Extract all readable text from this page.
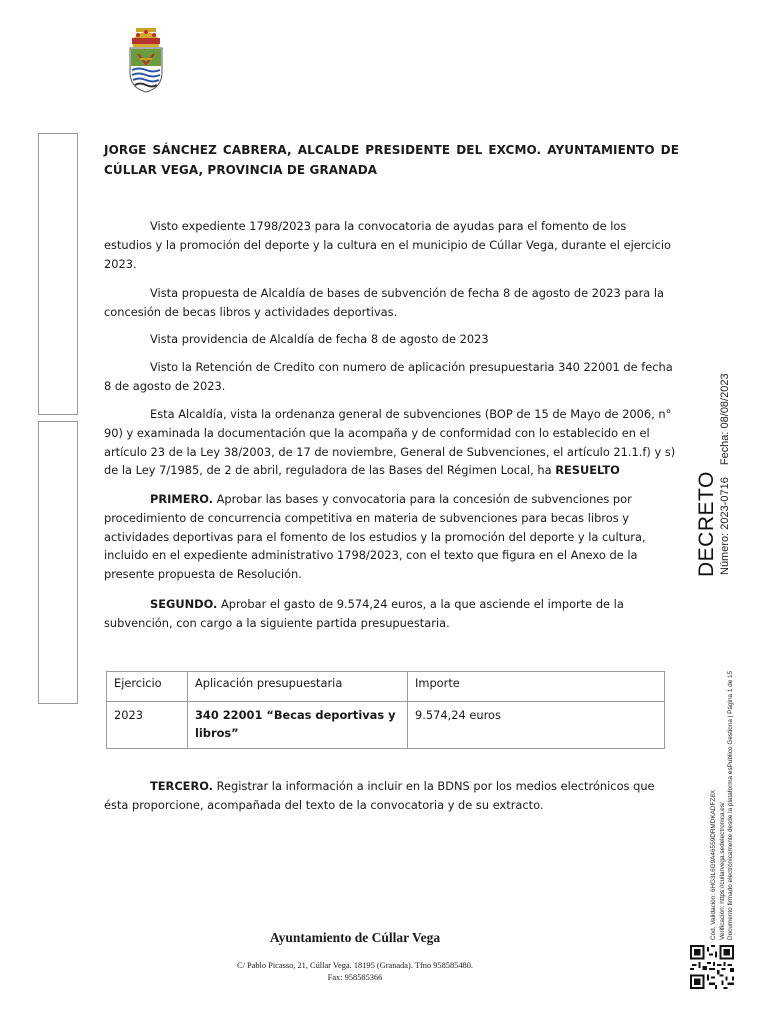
JORGE SÁNCHEZ CABRERA, ALCALDE PRESIDENTE DEL EXCMO. AYUNTAMIENTO DE CÚLLAR VEGA, PROVINCIA DE GRANADA

Visto expediente 1798/2023 para la convocatoria de ayudas para el fomento de los estudios y la promoción del deporte y la cultura en el municipio de Cúllar Vega, durante el ejercicio 2023.

Vista propuesta de Alcaldía de bases de subvención de fecha 8 de agosto de 2023 para la concesión de becas libros y actividades deportivas.

Vista providencia de Alcaldía de fecha 8 de agosto de 2023

Visto la Retención de Credito con numero de aplicación presupuestaria 340 22001 de fecha 8 de agosto de 2023.

Esta Alcaldía, vista la ordenanza general de subvenciones (BOP de 15 de Mayo de 2006, n° 90) y examinada la documentación que la acompaña y de conformidad con lo establecido en el artículo 23 de la Ley 38/2003, de 17 de noviembre, General de Subvenciones, el artículo 21.1.f) y s) de la Ley 7/1985, de 2 de abril, reguladora de las Bases del Régimen Local, ha RESUELTO

PRIMERO. Aprobar las bases y convocatoria para la concesión de subvenciones por procedimiento de concurrencia competitiva en materia de subvenciones para becas libros y actividades deportivas para el fomento de los estudios y la promoción del deporte y la cultura, incluido en el expediente administrativo 1798/2023, con el texto que figura en el Anexo de la presente propuesta de Resolución.

SEGUNDO. Aprobar el gasto de 9.574,24 euros, a la que asciende el importe de la subvención, con cargo a la siguiente partida presupuestaria.

Ejercicio	Aplicación presupuestaria	Importe
2023	340 22001 “Becas deportivas y libros”	9.574,24 euros

TERCERO. Registrar la información a incluir en la BDNS por los medios electrónicos que ésta proporcione, acompañada del texto de la convocatoria y de su extracto.

Ayuntamiento de Cúllar Vega
C/ Pablo Picasso, 21, Cúllar Vega. 18195 (Granada). Tfno 958585480.
Fax: 958585366
DECRETO Número: 2023-0716Fecha: 08/08/2023
Cód. Validación: 6HG3L6G9A46559DRMDKADFZ8X Verificación: https://cullarvega.sedelectronica.es/ Documento firmado electrónicamente desde la plataforma esPublico Gestiona | Página 1 de 15
